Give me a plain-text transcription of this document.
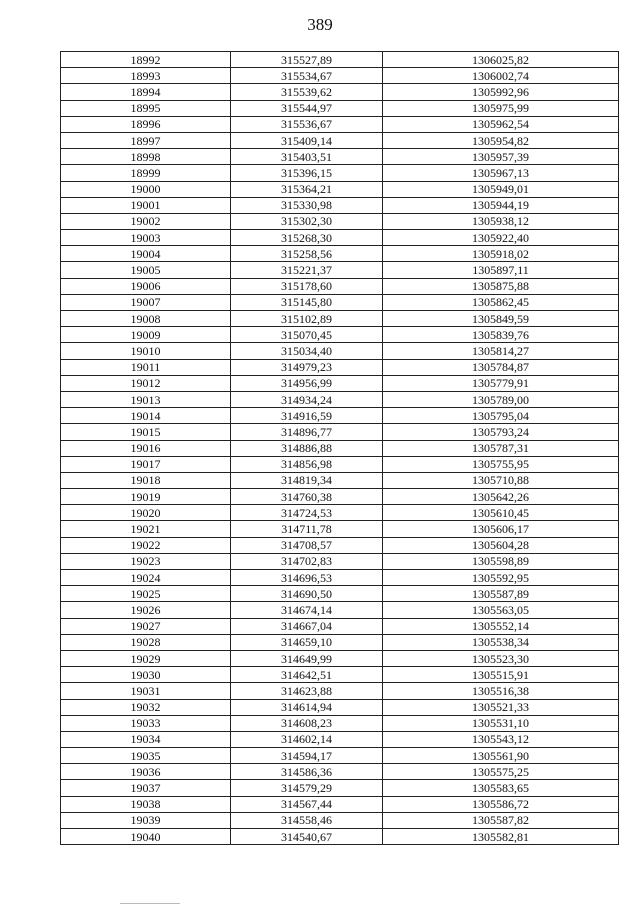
389
18992	315527,89	1306025,82
18993	315534,67	1306002,74
18994	315539,62	1305992,96
18995	315544,97	1305975,99
18996	315536,67	1305962,54
18997	315409,14	1305954,82
18998	315403,51	1305957,39
18999	315396,15	1305967,13
19000	315364,21	1305949,01
19001	315330,98	1305944,19
19002	315302,30	1305938,12
19003	315268,30	1305922,40
19004	315258,56	1305918,02
19005	315221,37	1305897,11
19006	315178,60	1305875,88
19007	315145,80	1305862,45
19008	315102,89	1305849,59
19009	315070,45	1305839,76
19010	315034,40	1305814,27
19011	314979,23	1305784,87
19012	314956,99	1305779,91
19013	314934,24	1305789,00
19014	314916,59	1305795,04
19015	314896,77	1305793,24
19016	314886,88	1305787,31
19017	314856,98	1305755,95
19018	314819,34	1305710,88
19019	314760,38	1305642,26
19020	314724,53	1305610,45
19021	314711,78	1305606,17
19022	314708,57	1305604,28
19023	314702,83	1305598,89
19024	314696,53	1305592,95
19025	314690,50	1305587,89
19026	314674,14	1305563,05
19027	314667,04	1305552,14
19028	314659,10	1305538,34
19029	314649,99	1305523,30
19030	314642,51	1305515,91
19031	314623,88	1305516,38
19032	314614,94	1305521,33
19033	314608,23	1305531,10
19034	314602,14	1305543,12
19035	314594,17	1305561,90
19036	314586,36	1305575,25
19037	314579,29	1305583,65
19038	314567,44	1305586,72
19039	314558,46	1305587,82
19040	314540,67	1305582,81
